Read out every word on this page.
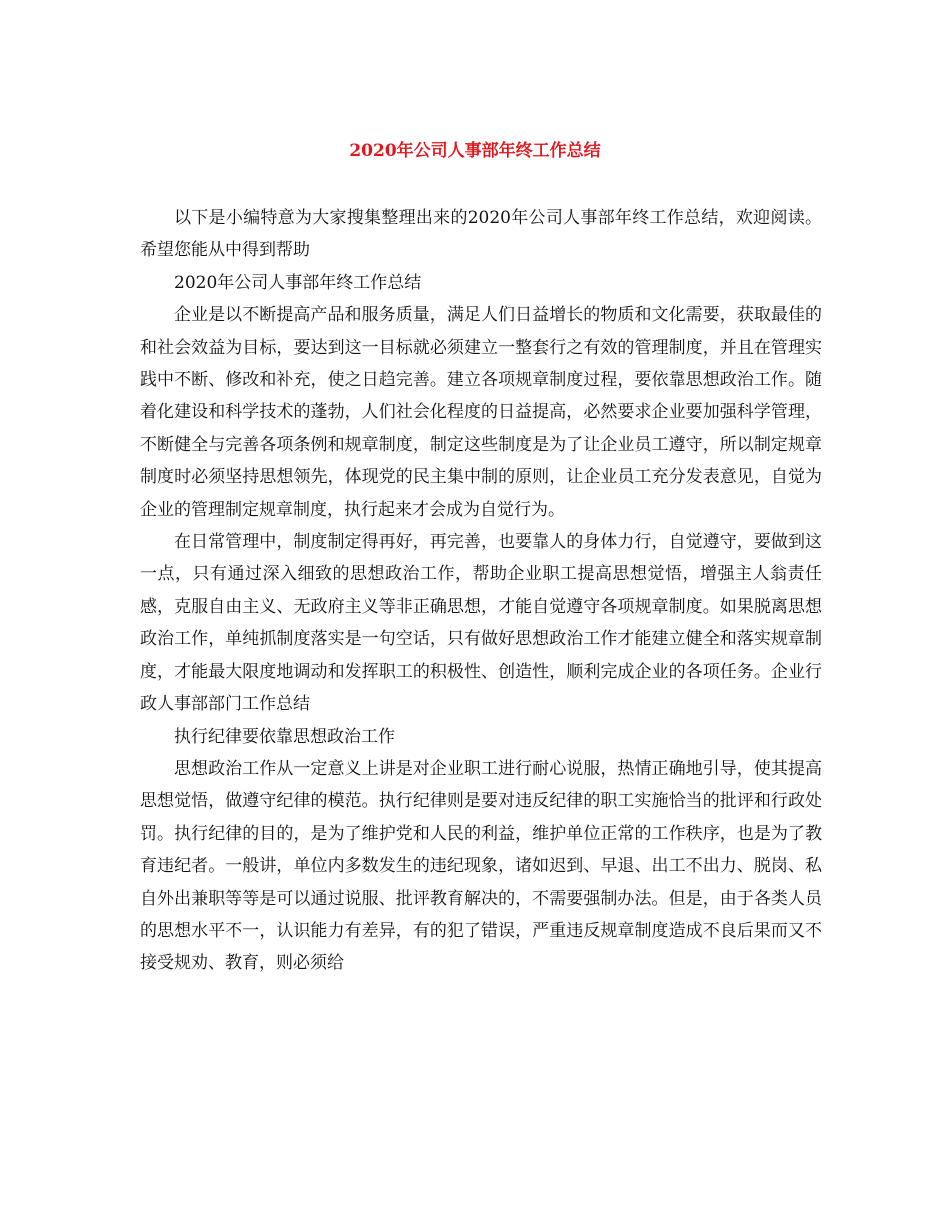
2020年公司人事部年终工作总结

以下是小编特意为大家搜集整理出来的2020年公司人事部年终工作总结，欢迎阅读。希望您能从中得到帮助

2020年公司人事部年终工作总结

企业是以不断提高产品和服务质量，满足人们日益增长的物质和文化需要，获取最佳的和社会效益为目标，要达到这一目标就必须建立一整套行之有效的管理制度，并且在管理实践中不断、修改和补充，使之日趋完善。建立各项规章制度过程，要依靠思想政治工作。随着化建设和科学技术的蓬勃，人们社会化程度的日益提高，必然要求企业要加强科学管理，不断健全与完善各项条例和规章制度，制定这些制度是为了让企业员工遵守，所以制定规章制度时必须坚持思想领先，体现党的民主集中制的原则，让企业员工充分发表意见，自觉为企业的管理制定规章制度，执行起来才会成为自觉行为。

在日常管理中，制度制定得再好，再完善，也要靠人的身体力行，自觉遵守，要做到这一点，只有通过深入细致的思想政治工作，帮助企业职工提高思想觉悟，增强主人翁责任感，克服自由主义、无政府主义等非正确思想，才能自觉遵守各项规章制度。如果脱离思想政治工作，单纯抓制度落实是一句空话，只有做好思想政治工作才能建立健全和落实规章制度，才能最大限度地调动和发挥职工的积极性、创造性，顺利完成企业的各项任务。企业行政人事部部门工作总结

执行纪律要依靠思想政治工作

思想政治工作从一定意义上讲是对企业职工进行耐心说服，热情正确地引导，使其提高思想觉悟，做遵守纪律的模范。执行纪律则是要对违反纪律的职工实施恰当的批评和行政处罚。执行纪律的目的，是为了维护党和人民的利益，维护单位正常的工作秩序，也是为了教育违纪者。一般讲，单位内多数发生的违纪现象，诸如迟到、早退、出工不出力、脱岗、私自外出兼职等等是可以通过说服、批评教育解决的，不需要强制办法。但是，由于各类人员的思想水平不一，认识能力有差异，有的犯了错误，严重违反规章制度造成不良后果而又不接受规劝、教育，则必须给
